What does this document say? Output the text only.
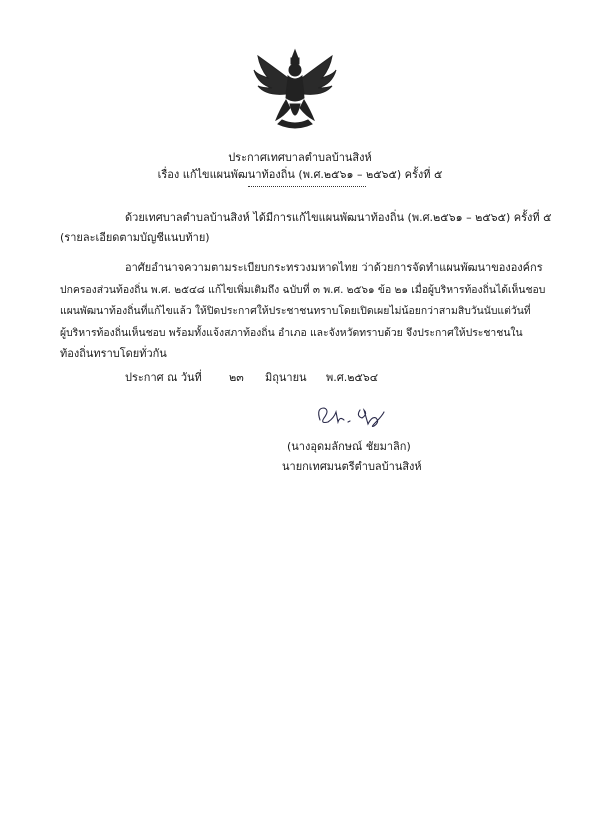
ประกาศเทศบาลตำบลบ้านสิงห์
เรื่อง แก้ไขแผนพัฒนาท้องถิ่น (พ.ศ.๒๕๖๑ – ๒๕๖๕) ครั้งที่ ๕
ด้วยเทศบาลตำบลบ้านสิงห์ ได้มีการแก้ไขแผนพัฒนาท้องถิ่น (พ.ศ.๒๕๖๑ – ๒๕๖๕) ครั้งที่ ๕
(รายละเอียดตามบัญชีแนบท้าย)
อาศัยอำนาจความตามระเบียบกระทรวงมหาดไทย ว่าด้วยการจัดทำแผนพัฒนาขององค์กร
ปกครองส่วนท้องถิ่น พ.ศ. ๒๕๔๘ แก้ไขเพิ่มเติมถึง ฉบับที่ ๓ พ.ศ. ๒๕๖๑ ข้อ ๒๑ เมื่อผู้บริหารท้องถิ่นได้เห็นชอบ
แผนพัฒนาท้องถิ่นที่แก้ไขแล้ว ให้ปิดประกาศให้ประชาชนทราบโดยเปิดเผยไม่น้อยกว่าสามสิบวันนับแต่วันที่
ผู้บริหารท้องถิ่นเห็นชอบ พร้อมทั้งแจ้งสภาท้องถิ่น อำเภอ และจังหวัดทราบด้วย จึงประกาศให้ประชาชนใน
ท้องถิ่นทราบโดยทั่วกัน
ประกาศ ณ วันที่ ๒๓ มิถุนายน พ.ศ.๒๕๖๔
(นางอุดมลักษณ์ ชัยมาลิก)
นายกเทศมนตรีตำบลบ้านสิงห์
